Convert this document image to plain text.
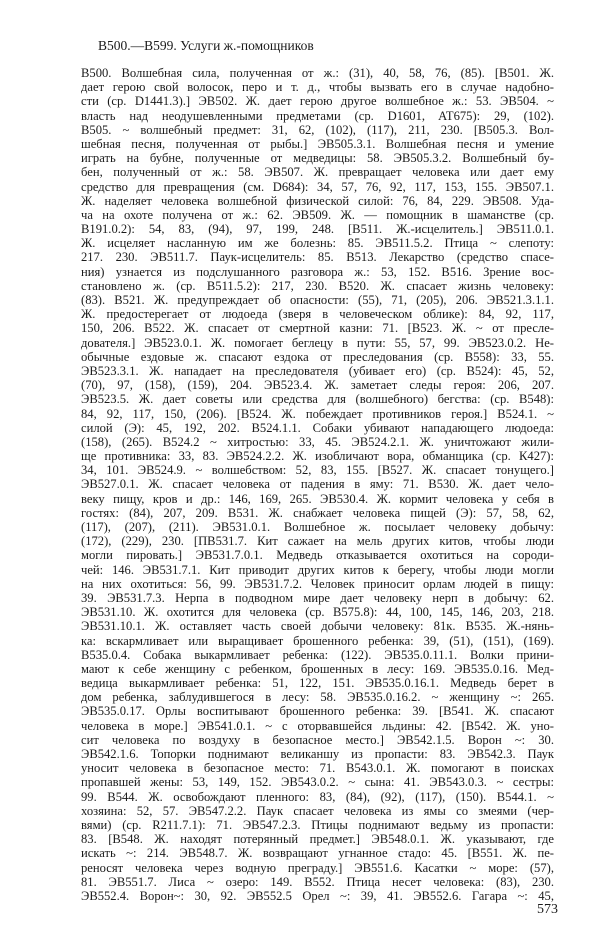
В500.—В599. Услуги ж.-помощников
В500. Волшебная сила, полученная от ж.: (31), 40, 58, 76, (85). [В501. Ж.
дает герою свой волосок, перо и т. д., чтобы вызвать его в случае надобно-
сти (ср. D1441.3).] ЭВ502. Ж. дает герою другое волшебное ж.: 53. ЭВ504. ~
власть над неодушевленными предметами (ср. D1601, AT675): 29, (102).
В505. ~ волшебный предмет: 31, 62, (102), (117), 211, 230. [В505.3. Вол-
шебная песня, полученная от рыбы.] ЭВ505.3.1. Волшебная песня и умение
играть на бубне, полученные от медведицы: 58. ЭВ505.3.2. Волшебный бу-
бен, полученный от ж.: 58. ЭВ507. Ж. превращает человека или дает ему
средство для превращения (см. D684): 34, 57, 76, 92, 117, 153, 155. ЭВ507.1.
Ж. наделяет человека волшебной физической силой: 76, 84, 229. ЭВ508. Уда-
ча на охоте получена от ж.: 62. ЭВ509. Ж. — помощник в шаманстве (ср.
В191.0.2): 54, 83, (94), 97, 199, 248. [В511. Ж.-исцелитель.] ЭВ511.0.1.
Ж. исцеляет насланную им же болезнь: 85. ЭВ511.5.2. Птица ~ слепоту:
217. 230. ЭВ511.7. Паук-исцелитель: 85. В513. Лекарство (средство спасе-
ния) узнается из подслушанного разговора ж.: 53, 152. В516. Зрение вос-
становлено ж. (ср. В511.5.2): 217, 230. В520. Ж. спасает жизнь человеку:
(83). В521. Ж. предупреждает об опасности: (55), 71, (205), 206. ЭВ521.3.1.1.
Ж. предостерегает от людоеда (зверя в человеческом облике): 84, 92, 117,
150, 206. В522. Ж. спасает от смертной казни: 71. [В523. Ж. ~ от пресле-
дователя.] ЭВ523.0.1. Ж. помогает беглецу в пути: 55, 57, 99. ЭВ523.0.2. Не-
обычные ездовые ж. спасают ездока от преследования (ср. В558): 33, 55.
ЭВ523.3.1. Ж. нападает на преследователя (убивает его) (ср. В524): 45, 52,
(70), 97, (158), (159), 204. ЭВ523.4. Ж. заметает следы героя: 206, 207.
ЭВ523.5. Ж. дает советы или средства для (волшебного) бегства: (ср. В548):
84, 92, 117, 150, (206). [В524. Ж. побеждает противников героя.] В524.1. ~
силой (Э): 45, 192, 202. В524.1.1. Собаки убивают нападающего людоеда:
(158), (265). В524.2 ~ хитростью: 33, 45. ЭВ524.2.1. Ж. уничтожают жили-
ще противника: 33, 83. ЭВ524.2.2. Ж. изобличают вора, обманщика (ср. К427):
34, 101. ЭВ524.9. ~ волшебством: 52, 83, 155. [В527. Ж. спасает тонущего.]
ЭВ527.0.1. Ж. спасает человека от падения в яму: 71. В530. Ж. дает чело-
веку пищу, кров и др.: 146, 169, 265. ЭВ530.4. Ж. кормит человека у себя в
гостях: (84), 207, 209. В531. Ж. снабжает человека пищей (Э): 57, 58, 62,
(117), (207), (211). ЭВ531.0.1. Волшебное ж. посылает человеку добычу:
(172), (229), 230. [ПВ531.7. Кит сажает на мель других китов, чтобы люди
могли пировать.] ЭВ531.7.0.1. Медведь отказывается охотиться на сороди-
чей: 146. ЭВ531.7.1. Кит приводит других китов к берегу, чтобы люди могли
на них охотиться: 56, 99. ЭВ531.7.2. Человек приносит орлам людей в пищу:
39. ЭВ531.7.3. Нерпа в подводном мире дает человеку нерп в добычу: 62.
ЭВ531.10. Ж. охотится для человека (ср. В575.8): 44, 100, 145, 146, 203, 218.
ЭВ531.10.1. Ж. оставляет часть своей добычи человеку: 81к. В535. Ж.-нянь-
ка: вскармливает или выращивает брошенного ребенка: 39, (51), (151), (169).
В535.0.4. Собака выкармливает ребенка: (122). ЭВ535.0.11.1. Волки прини-
мают к себе женщину с ребенком, брошенных в лесу: 169. ЭВ535.0.16. Мед-
ведица выкармливает ребенка: 51, 122, 151. ЭВ535.0.16.1. Медведь берет в
дом ребенка, заблудившегося в лесу: 58. ЭВ535.0.16.2. ~ женщину ~: 265.
ЭВ535.0.17. Орлы воспитывают брошенного ребенка: 39. [В541. Ж. спасают
человека в море.] ЭВ541.0.1. ~ с оторвавшейся льдины: 42. [В542. Ж. уно-
сит человека по воздуху в безопасное место.] ЭВ542.1.5. Ворон ~: 30.
ЭВ542.1.6. Топорки поднимают великаншу из пропасти: 83. ЭВ542.3. Паук
уносит человека в безопасное место: 71. В543.0.1. Ж. помогают в поисках
пропавшей жены: 53, 149, 152. ЭВ543.0.2. ~ сына: 41. ЭВ543.0.3. ~ сестры:
99. В544. Ж. освобождают пленного: 83, (84), (92), (117), (150). В544.1. ~
хозяина: 52, 57. ЭВ547.2.2. Паук спасает человека из ямы со змеями (чер-
вями) (ср. R211.7.1): 71. ЭВ547.2.3. Птицы поднимают ведьму из пропасти:
83. [В548. Ж. находят потерянный предмет.] ЭВ548.0.1. Ж. указывают, где
искать ~: 214. ЭВ548.7. Ж. возвращают угнанное стадо: 45. [В551. Ж. пе-
реносят человека через водную преграду.] ЭВ551.6. Касатки ~ море: (57),
81. ЭВ551.7. Лиса ~ озеро: 149. В552. Птица несет человека: (83), 230.
ЭВ552.4. Ворон~: 30, 92. ЭВ552.5 Орел ~: 39, 41. ЭВ552.6. Гагара ~: 45,
573
